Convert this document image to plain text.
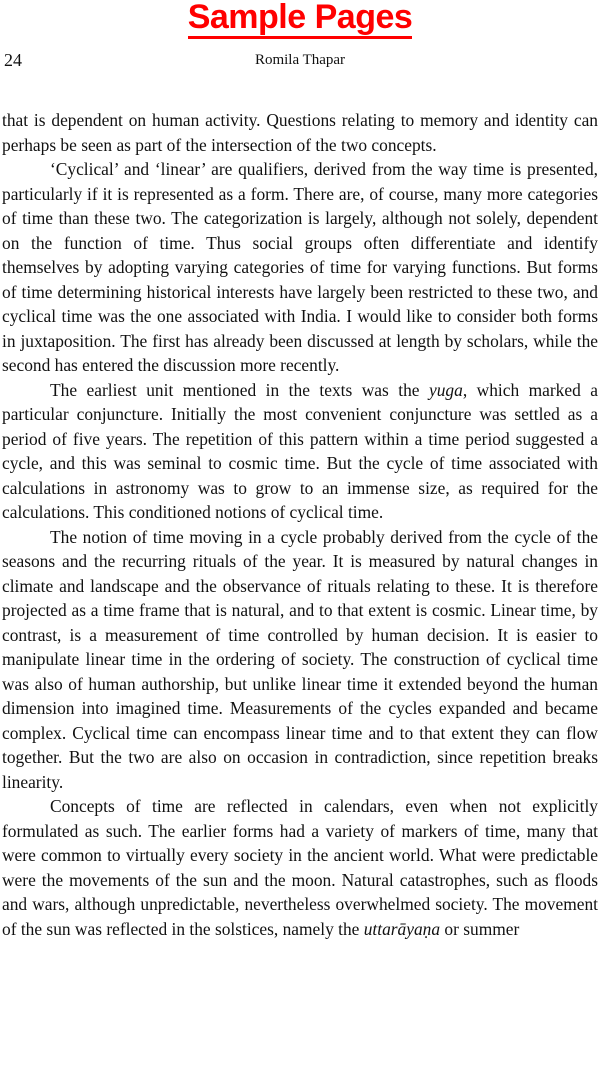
Sample Pages
24	Romila Thapar

that is dependent on human activity. Questions relating to memory and identity can perhaps be seen as part of the intersection of the two concepts.

‘Cyclical’ and ‘linear’ are qualifiers, derived from the way time is presented, particularly if it is represented as a form. There are, of course, many more categories of time than these two. The categorization is largely, although not solely, dependent on the function of time. Thus social groups often differentiate and identify themselves by adopting varying categories of time for varying functions. But forms of time determining historical interests have largely been restricted to these two, and cyclical time was the one associated with India. I would like to consider both forms in juxtaposition. The first has already been discussed at length by scholars, while the second has entered the discussion more recently.

The earliest unit mentioned in the texts was the yuga, which marked a particular conjuncture. Initially the most convenient conjuncture was settled as a period of five years. The repetition of this pattern within a time period suggested a cycle, and this was seminal to cosmic time. But the cycle of time associated with calculations in astronomy was to grow to an immense size, as required for the calculations. This conditioned notions of cyclical time.

The notion of time moving in a cycle probably derived from the cycle of the seasons and the recurring rituals of the year. It is measured by natural changes in climate and landscape and the observance of rituals relating to these. It is therefore projected as a time frame that is natural, and to that extent is cosmic. Linear time, by contrast, is a measurement of time controlled by human decision. It is easier to manipulate linear time in the ordering of society. The construction of cyclical time was also of human authorship, but unlike linear time it extended beyond the human dimension into imagined time. Measurements of the cycles expanded and became complex. Cyclical time can encompass linear time and to that extent they can flow together. But the two are also on occasion in contradiction, since repetition breaks linearity.

Concepts of time are reflected in calendars, even when not explicitly formulated as such. The earlier forms had a variety of markers of time, many that were common to virtually every society in the ancient world. What were predictable were the movements of the sun and the moon. Natural catastrophes, such as floods and wars, although unpredictable, nevertheless overwhelmed society. The movement of the sun was reflected in the solstices, namely the uttarāyaṇa or summer
